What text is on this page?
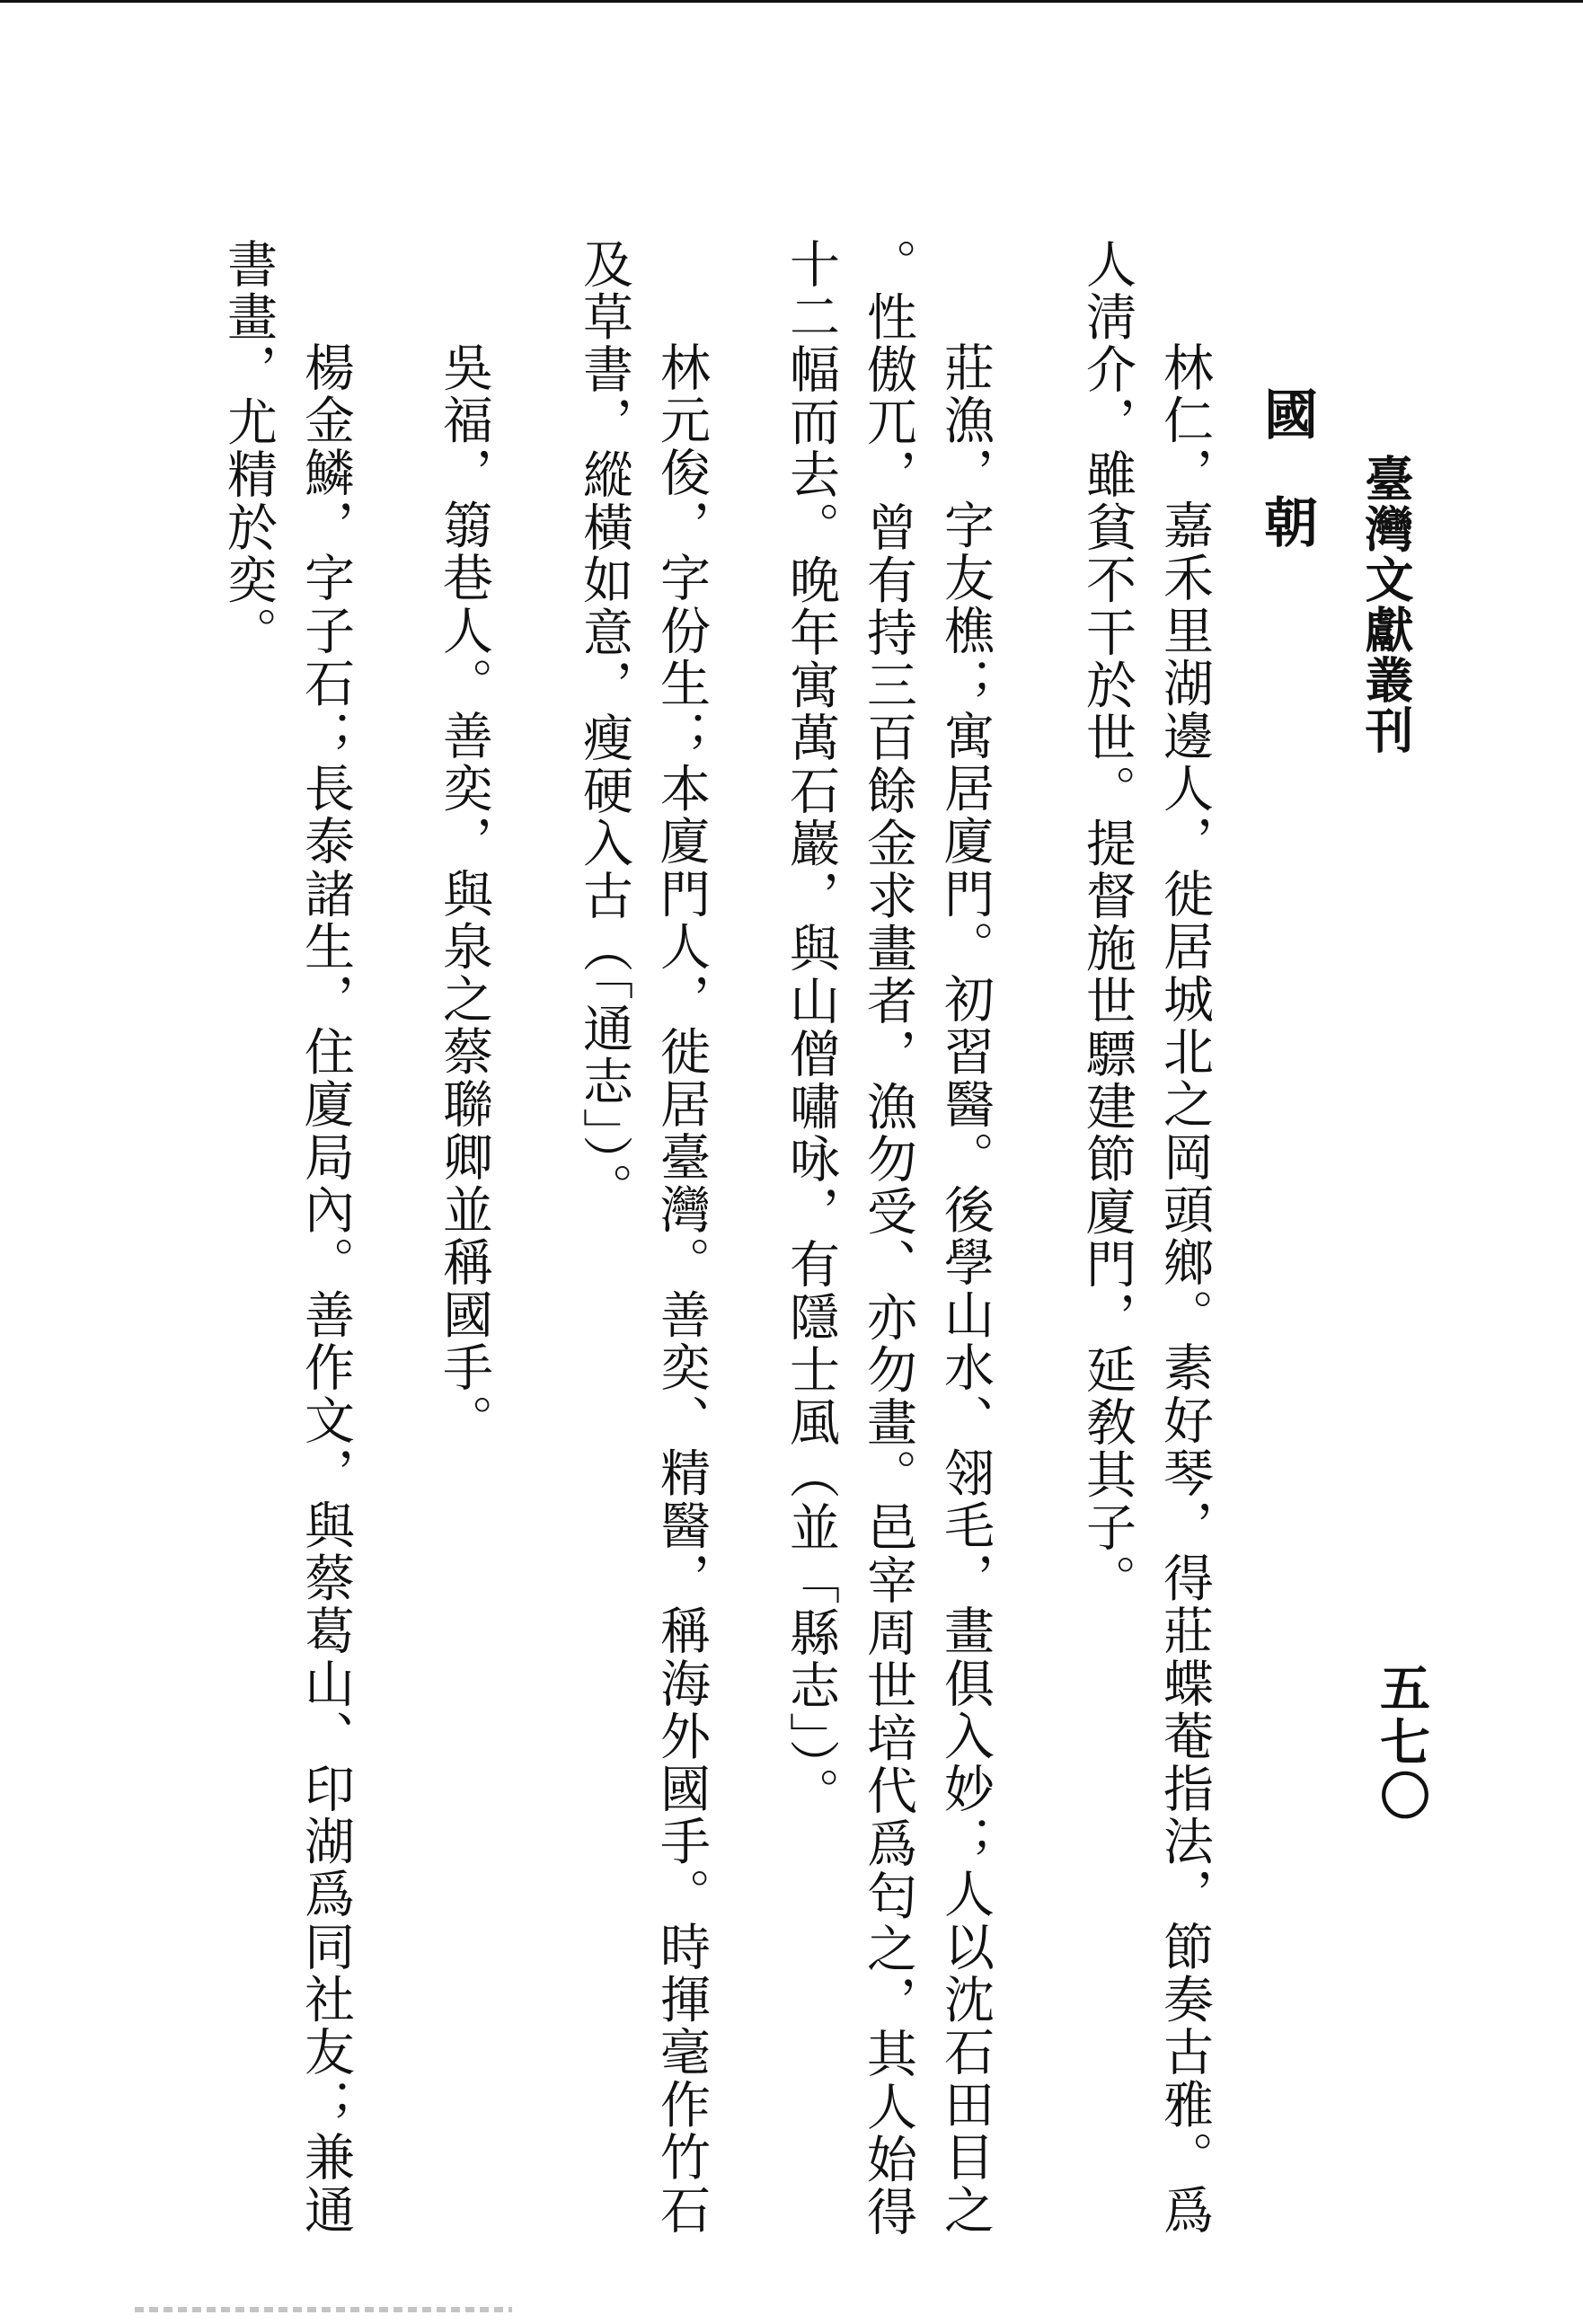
臺灣文獻叢刊
五七〇
國朝
林仁，嘉禾里湖邊人，徙居城北之岡頭鄉。素好琴，得莊蝶菴指法，節奏古雅。爲
人淸介，雖貧不干於世。提督施世驃建節廈門，延敎其子。
莊漁，字友樵；寓居廈門。初習醫。後學山水、翎毛，畫俱入妙；人以沈石田目之
。性傲兀，曾有持三百餘金求畫者，漁勿受、亦勿畫。邑宰周世培代爲匄之，其人始得
十二幅而去。晚年寓萬石巖，與山僧嘯咏，有隱士風（並「縣志」）。
林元俊，字份生；本廈門人，徙居臺灣。善奕、精醫，稱海外國手。時揮毫作竹石
及草書，縱橫如意，瘦硬入古（「通志」）。
吳福，篛巷人。善奕，與泉之蔡聯卿並稱國手。
楊金鱗，字子石；長泰諸生，住廈局內。善作文，與蔡葛山、印湖爲同社友；兼通
書畫，尤精於奕。
